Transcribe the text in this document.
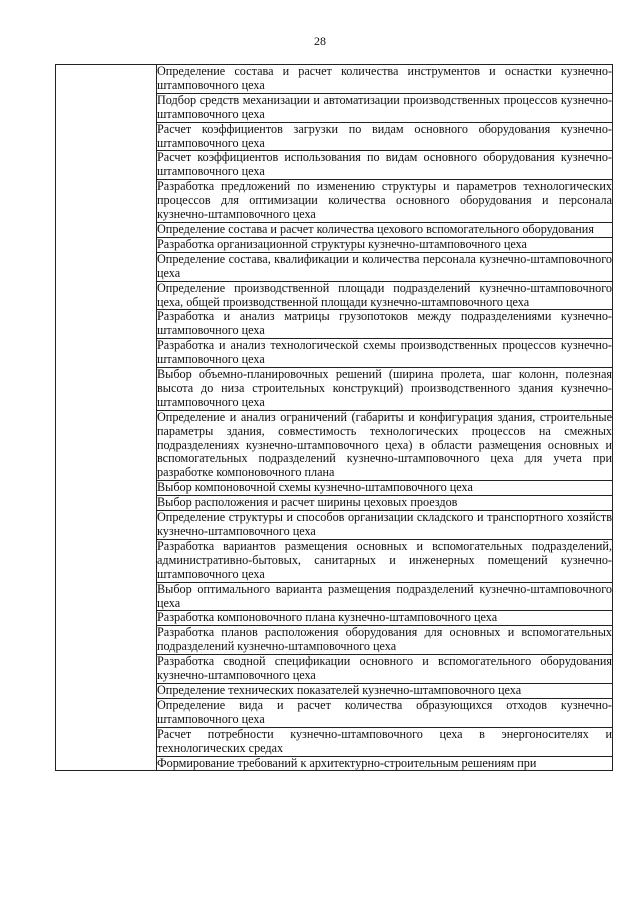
28
	Определение состава и расчет количества инструментов и оснастки кузнечно-штамповочного цеха
Подбор средств механизации и автоматизации производственных процессов кузнечно-штамповочного цеха
Расчет коэффициентов загрузки по видам основного оборудования кузнечно-штамповочного цеха
Расчет коэффициентов использования по видам основного оборудования кузнечно-штамповочного цеха
Разработка предложений по изменению структуры и параметров технологических процессов для оптимизации количества основного оборудования и персонала кузнечно-штамповочного цеха
Определение состава и расчет количества цехового вспомогательного оборудования
Разработка организационной структуры кузнечно-штамповочного цеха
Определение состава, квалификации и количества персонала кузнечно-штамповочного цеха
Определение производственной площади подразделений кузнечно-штамповочного цеха, общей производственной площади кузнечно-штамповочного цеха
Разработка и анализ матрицы грузопотоков между подразделениями кузнечно-штамповочного цеха
Разработка и анализ технологической схемы производственных процессов кузнечно-штамповочного цеха
Выбор объемно-планировочных решений (ширина пролета, шаг колонн, полезная высота до низа строительных конструкций) производственного здания кузнечно-штамповочного цеха
Определение и анализ ограничений (габариты и конфигурация здания, строительные параметры здания, совместимость технологических процессов на смежных подразделениях кузнечно-штамповочного цеха) в области размещения основных и вспомогательных подразделений кузнечно-штамповочного цеха для учета при разработке компоновочного плана
Выбор компоновочной схемы кузнечно-штамповочного цеха
Выбор расположения и расчет ширины цеховых проездов
Определение структуры и способов организации складского и транспортного хозяйств кузнечно-штамповочного цеха
Разработка вариантов размещения основных и вспомогательных подразделений, административно-бытовых, санитарных и инженерных помещений кузнечно-штамповочного цеха
Выбор оптимального варианта размещения подразделений кузнечно-штамповочного цеха
Разработка компоновочного плана кузнечно-штамповочного цеха
Разработка планов расположения оборудования для основных и вспомогательных подразделений кузнечно-штамповочного цеха
Разработка сводной спецификации основного и вспомогательного оборудования кузнечно-штамповочного цеха
Определение технических показателей кузнечно-штамповочного цеха
Определение вида и расчет количества образующихся отходов кузнечно-штамповочного цеха
Расчет потребности кузнечно-штамповочного цеха в энергоносителях и технологических средах
Формирование требований к архитектурно-строительным решениям при
